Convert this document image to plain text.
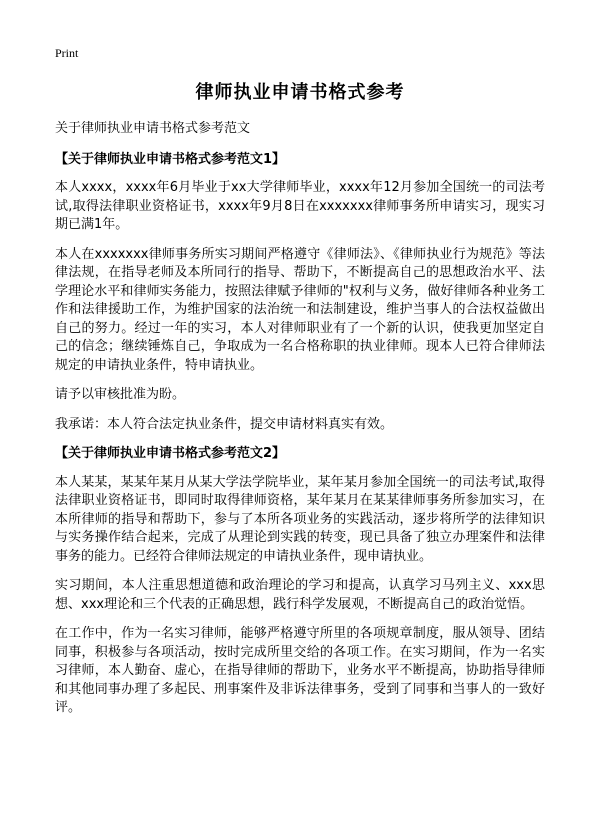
Print
律师执业申请书格式参考

关于律师执业申请书格式参考范文

【关于律师执业申请书格式参考范文1】

本人xxxx，xxxx年6月毕业于xx大学律师毕业，xxxx年12月参加全国统一的司法考试,取得法律职业资格证书，xxxx年9月8日在xxxxxxx律师事务所申请实习，现实习期已满1年。

本人在xxxxxxx律师事务所实习期间严格遵守《律师法》、《律师执业行为规范》等法律法规，在指导老师及本所同行的指导、帮助下，不断提高自己的思想政治水平、法学理论水平和律师实务能力，按照法律赋予律师的"权利与义务，做好律师各种业务工作和法律援助工作，为维护国家的法治统一和法制建设，维护当事人的合法权益做出自己的努力。经过一年的实习，本人对律师职业有了一个新的认识，使我更加坚定自己的信念；继续锤炼自己，争取成为一名合格称职的执业律师。现本人已符合律师法规定的申请执业条件，特申请执业。

请予以审核批准为盼。

我承诺：本人符合法定执业条件，提交申请材料真实有效。

【关于律师执业申请书格式参考范文2】

本人某某，某某年某月从某大学法学院毕业，某年某月参加全国统一的司法考试,取得法律职业资格证书，即同时取得律师资格，某年某月在某某律师事务所参加实习，在本所律师的指导和帮助下，参与了本所各项业务的实践活动，逐步将所学的法律知识与实务操作结合起来，完成了从理论到实践的转变，现已具备了独立办理案件和法律事务的能力。已经符合律师法规定的申请执业条件，现申请执业。

实习期间，本人注重思想道德和政治理论的学习和提高，认真学习马列主义、xxx思想、xxx理论和三个代表的正确思想，践行科学发展观，不断提高自己的政治觉悟。

在工作中，作为一名实习律师，能够严格遵守所里的各项规章制度，服从领导、团结同事，积极参与各项活动，按时完成所里交给的各项工作。在实习期间，作为一名实习律师，本人勤奋、虚心，在指导律师的帮助下，业务水平不断提高，协助指导律师和其他同事办理了多起民、刑事案件及非诉法律事务，受到了同事和当事人的一致好评。
